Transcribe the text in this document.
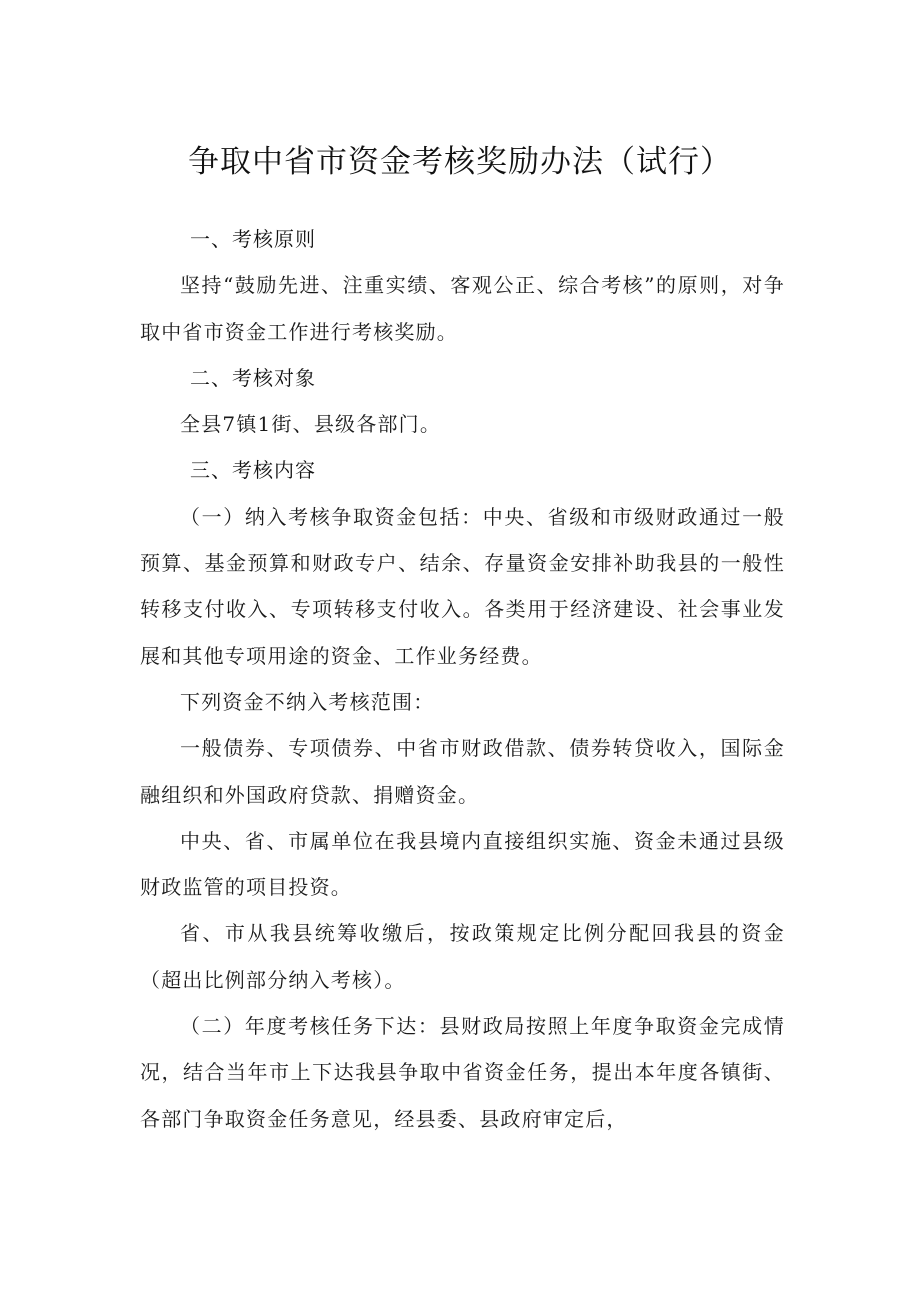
争取中省市资金考核奖励办法（试行）
一、考核原则

坚持“鼓励先进、注重实绩、客观公正、综合考核”的原则，对争取中省市资金工作进行考核奖励。

二、考核对象

全县7镇1街、县级各部门。

三、考核内容

（一）纳入考核争取资金包括：中央、省级和市级财政通过一般预算、基金预算和财政专户、结余、存量资金安排补助我县的一般性转移支付收入、专项转移支付收入。各类用于经济建设、社会事业发展和其他专项用途的资金、工作业务经费。

下列资金不纳入考核范围：

一般债券、专项债券、中省市财政借款、债券转贷收入，国际金融组织和外国政府贷款、捐赠资金。

中央、省、市属单位在我县境内直接组织实施、资金未通过县级财政监管的项目投资。

省、市从我县统筹收缴后，按政策规定比例分配回我县的资金（超出比例部分纳入考核）。

（二）年度考核任务下达：县财政局按照上年度争取资金完成情况，结合当年市上下达我县争取中省资金任务，提出本年度各镇街、各部门争取资金任务意见，经县委、县政府审定后，
